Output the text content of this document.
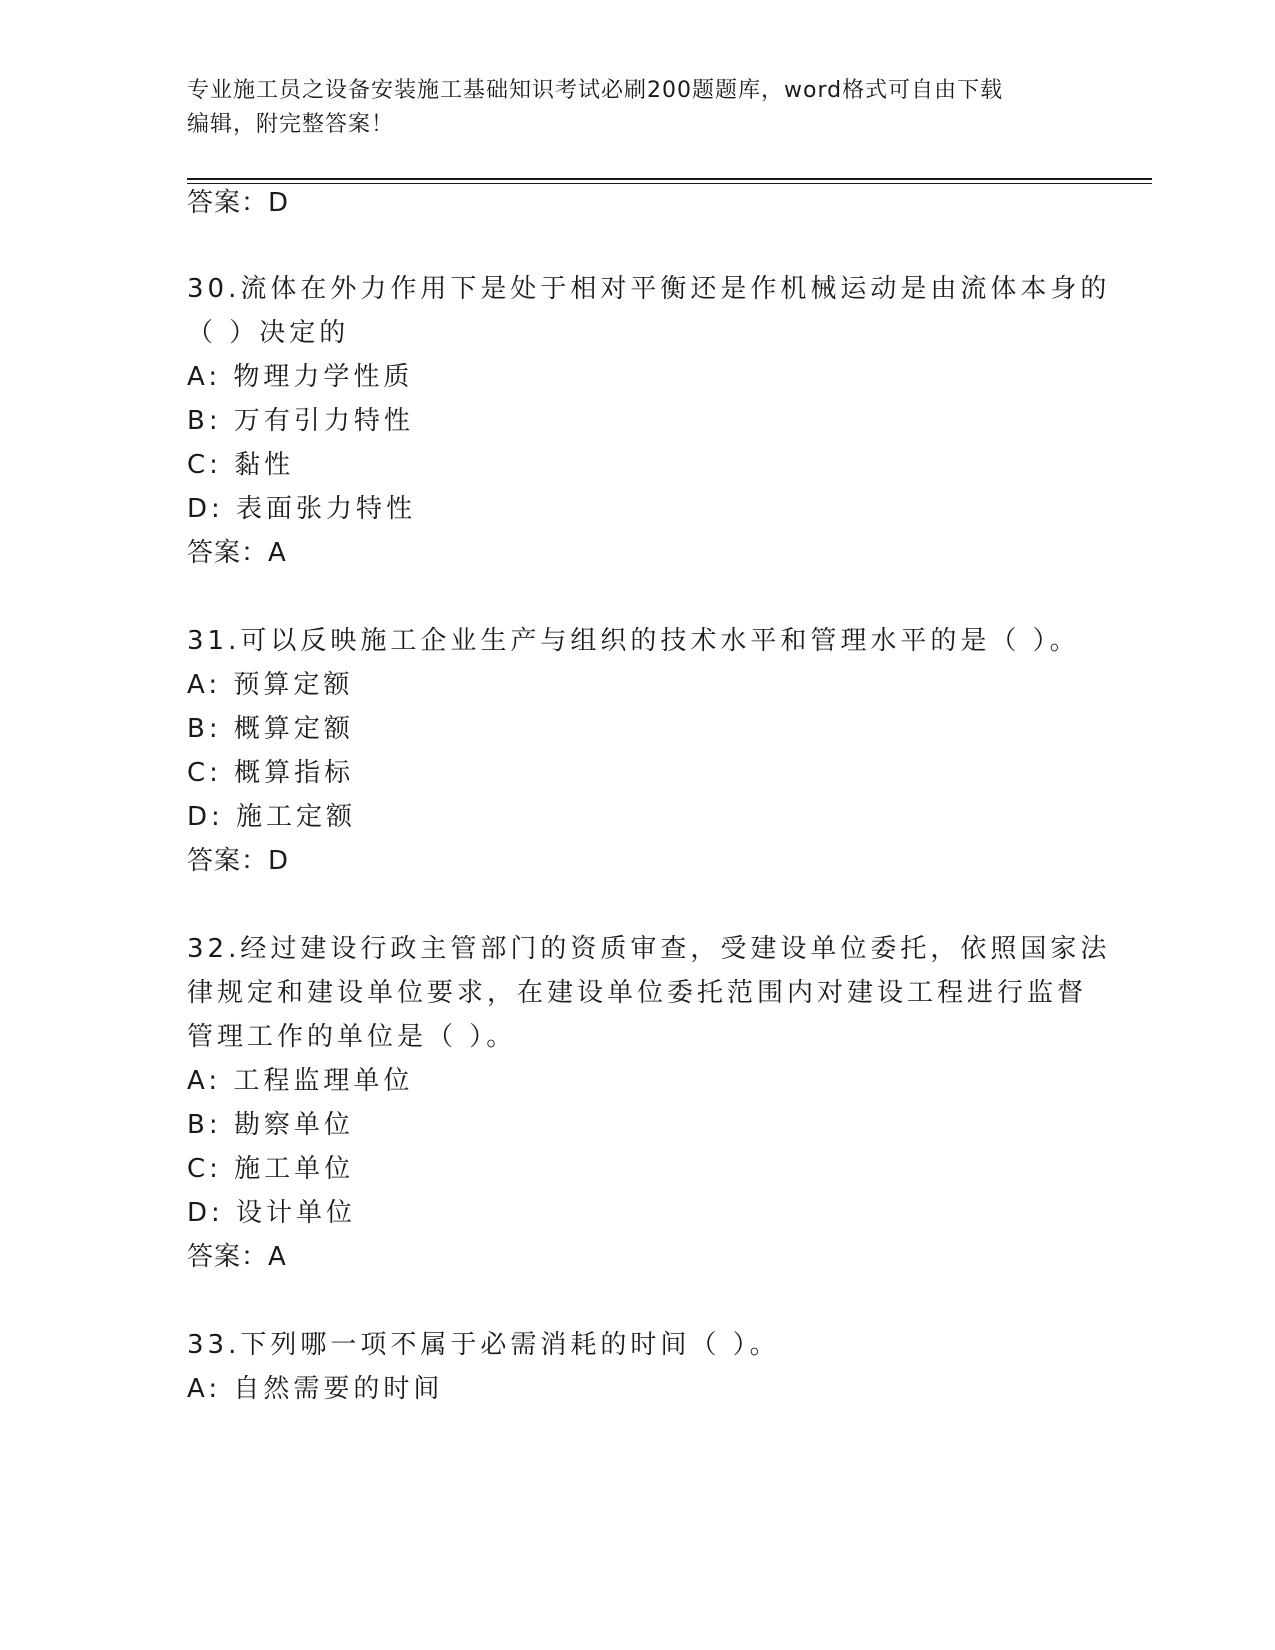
专业施工员之设备安装施工基础知识考试必刷200题题库，word格式可自由下载
编辑，附完整答案！
答案：D
30.流体在外力作用下是处于相对平衡还是作机械运动是由流体本身的
（ ）决定的
A: 物理力学性质
B: 万有引力特性
C: 黏性
D: 表面张力特性
答案：A
31.可以反映施工企业生产与组织的技术水平和管理水平的是（ ）。
A: 预算定额
B: 概算定额
C: 概算指标
D: 施工定额
答案：D
32.经过建设行政主管部门的资质审查，受建设单位委托，依照国家法
律规定和建设单位要求，在建设单位委托范围内对建设工程进行监督
管理工作的单位是（ ）。
A: 工程监理单位
B: 勘察单位
C: 施工单位
D: 设计单位
答案：A
33.下列哪一项不属于必需消耗的时间（ ）。
A: 自然需要的时间
